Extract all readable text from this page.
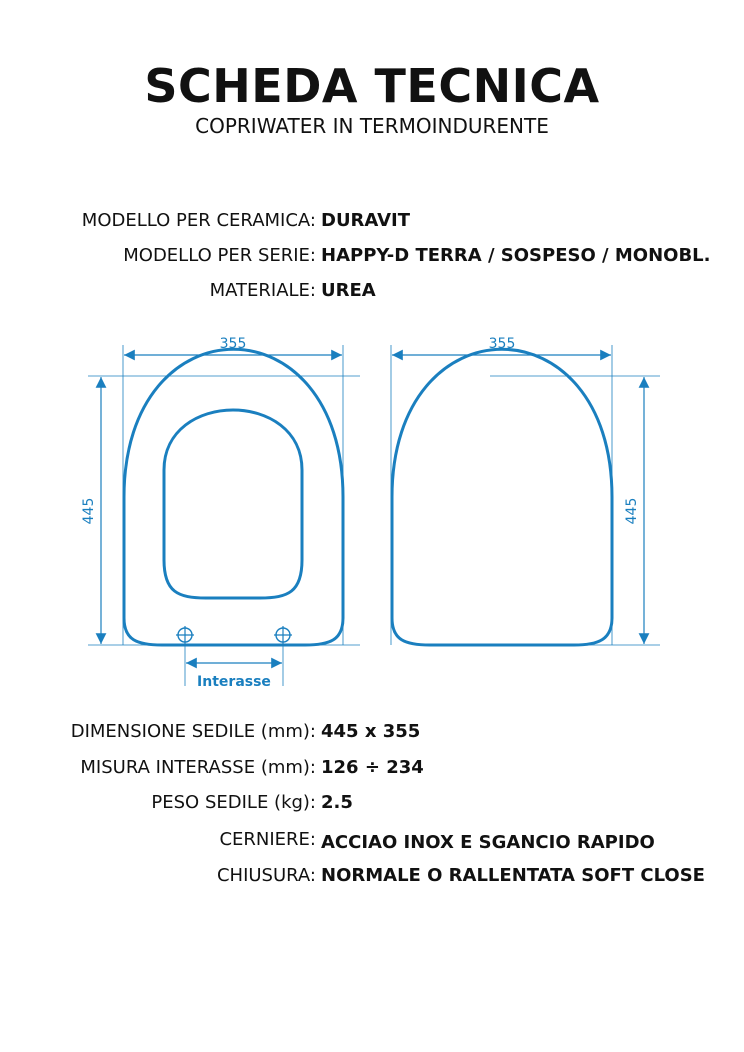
SCHEDA TECNICA
COPRIWATER IN TERMOINDURENTE
MODELLO PER CERAMICA: DURAVIT
MODELLO PER SERIE: HAPPY-D TERRA / SOSPESO / MONOBL.
MATERIALE: UREA
355
445
Interasse
355
445
DIMENSIONE SEDILE (mm): 445 x 355
MISURA INTERASSE (mm): 126 ÷ 234
PESO SEDILE (kg): 2.5
CERNIERE: ACCIAO INOX E SGANCIO RAPIDO
CHIUSURA: NORMALE O RALLENTATA SOFT CLOSE
